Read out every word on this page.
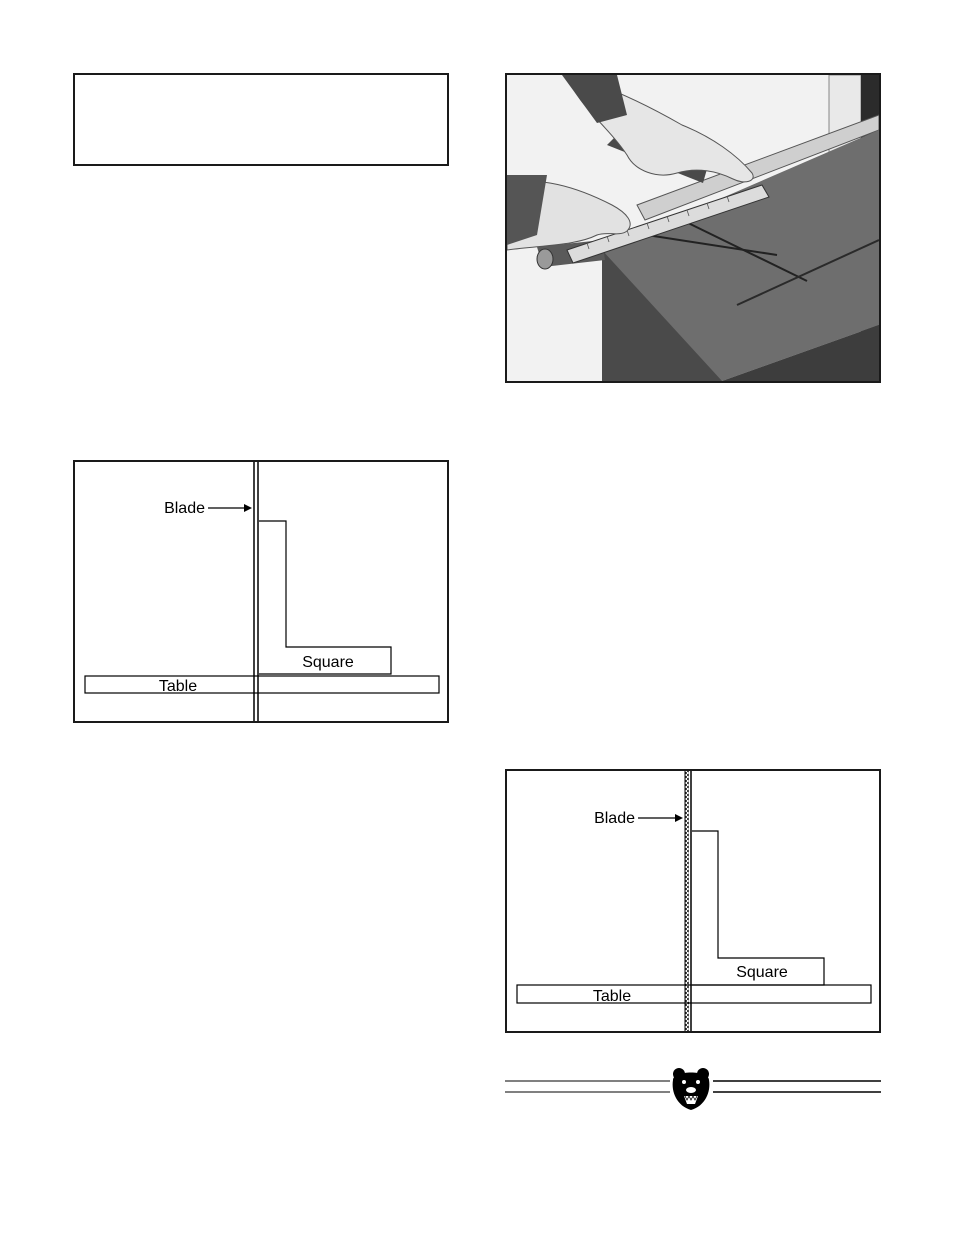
Blade
Square
Table
Blade
Square
Table
